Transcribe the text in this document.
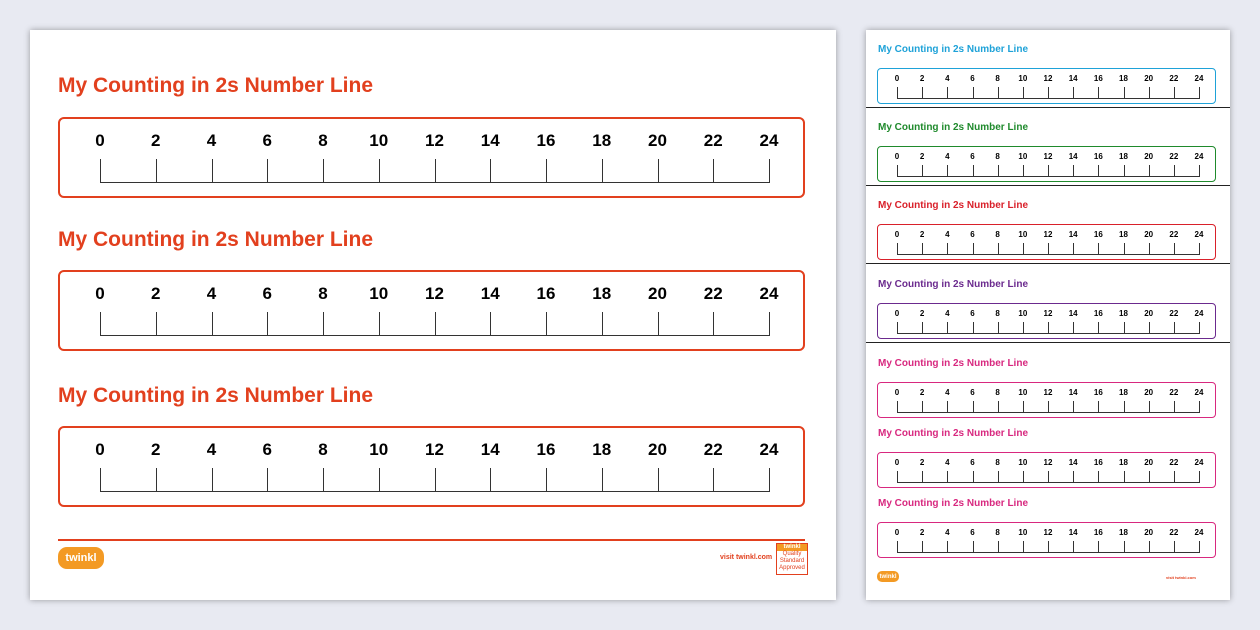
My Counting in 2s Number Line
0	2	4	6	8 10 12 14 16 18 20 22 24
My Counting in 2s Number Line
0	2	4	6	8 10 12 14 16 18 20 22 24
My Counting in 2s Number Line
0	2	4	6	8 10 12 14 16 18 20 22 24
twinkl	visit twinkl.com
twinkl
Quality Standard Approved
My Counting in 2s Number Line
0	2	4	6	8 10 12 14 16 18 20 22 24
My Counting in 2s Number Line
0	2	4	6	8 10 12 14 16 18 20 22 24
My Counting in 2s Number Line
0	2	4	6	8 10 12 14 16 18 20 22 24
My Counting in 2s Number Line
0	2	4	6	8 10 12 14 16 18 20 22 24
My Counting in 2s Number Line
0	2	4	6	8 10 12 14 16 18 20 22 24
My Counting in 2s Number Line
0	2	4	6	8 10 12 14 16 18 20 22 24
My Counting in 2s Number Line
0	2	4	6	8 10 12 14 16 18 20 22 24
twinkl	visit twinkl.com
